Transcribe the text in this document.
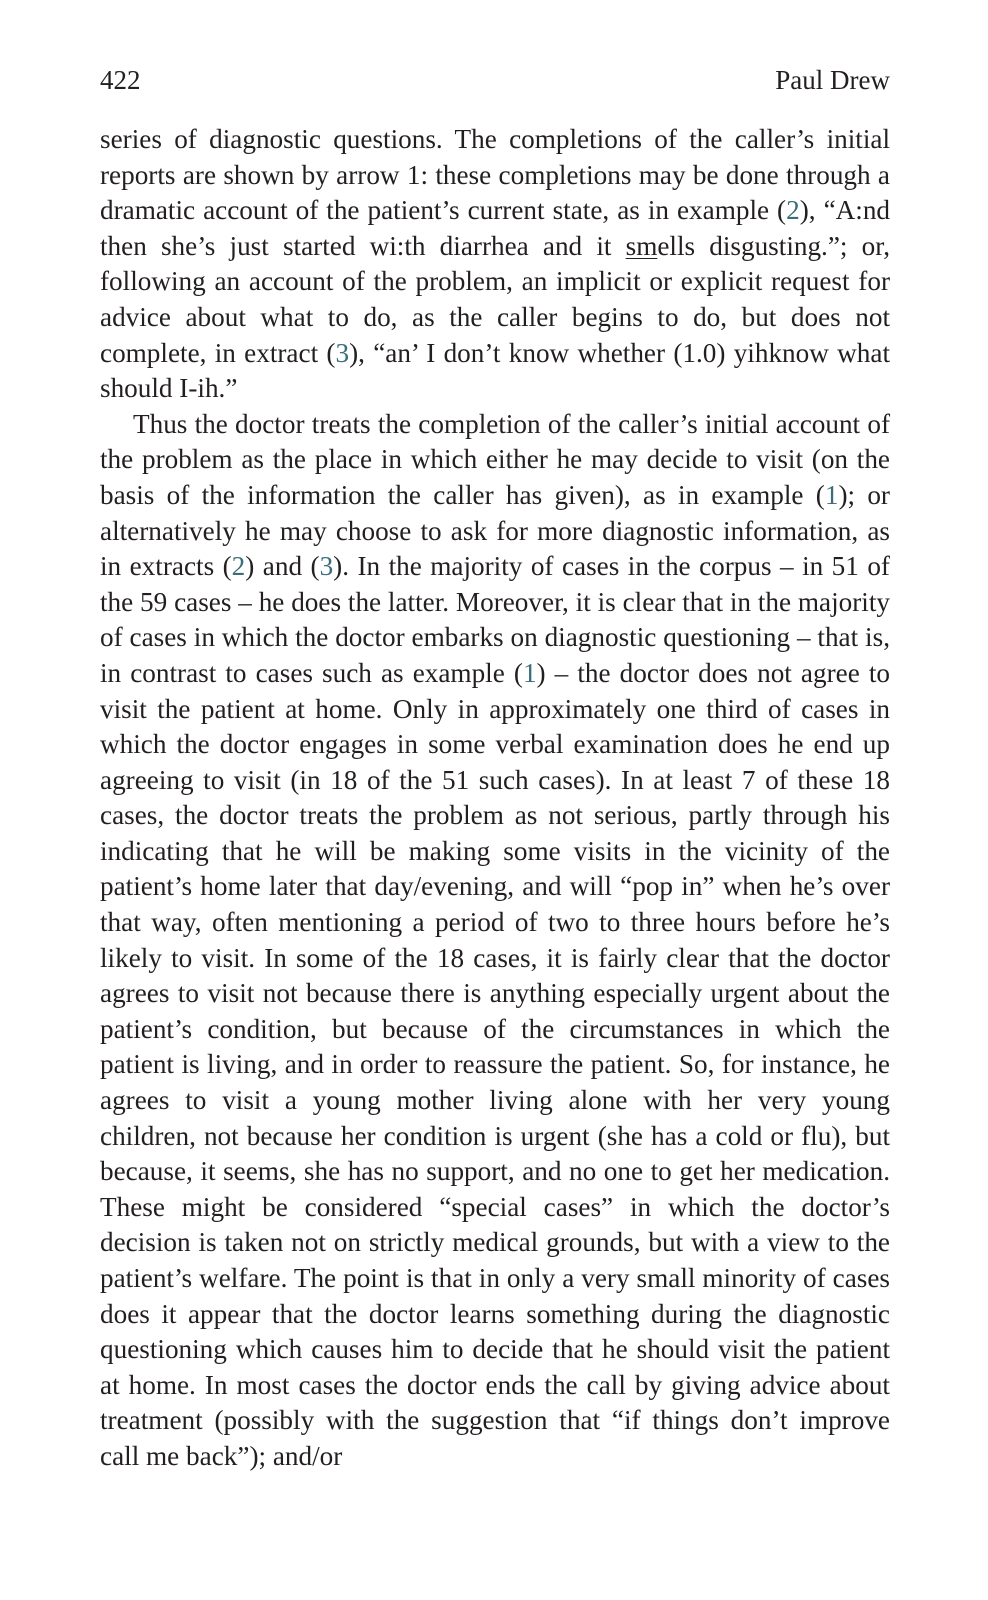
422	Paul Drew

series of diagnostic questions. The completions of the caller’s initial reports are shown by arrow 1: these completions may be done through a dramatic account of the patient’s current state, as in example (2), “A:nd then she’s just started wi:th diarrhea and it smells disgusting.”; or, following an account of the problem, an implicit or explicit request for advice about what to do, as the caller begins to do, but does not complete, in extract (3), “an’ I don’t know whether (1.0) yihknow what should I-ih.”

Thus the doctor treats the completion of the caller’s initial account of the problem as the place in which either he may decide to visit (on the basis of the information the caller has given), as in example (1); or alternatively he may choose to ask for more diagnostic information, as in extracts (2) and (3). In the majority of cases in the corpus – in 51 of the 59 cases – he does the latter. Moreover, it is clear that in the majority of cases in which the doctor embarks on diagnostic questioning – that is, in contrast to cases such as example (1) – the doctor does not agree to visit the patient at home. Only in approximately one third of cases in which the doctor engages in some verbal examination does he end up agreeing to visit (in 18 of the 51 such cases). In at least 7 of these 18 cases, the doctor treats the problem as not serious, partly through his indicating that he will be making some visits in the vicinity of the patient’s home later that day/evening, and will “pop in” when he’s over that way, often mentioning a period of two to three hours before he’s likely to visit. In some of the 18 cases, it is fairly clear that the doctor agrees to visit not because there is anything especially urgent about the patient’s condition, but because of the circumstances in which the patient is living, and in order to reassure the patient. So, for instance, he agrees to visit a young mother living alone with her very young children, not because her condition is urgent (she has a cold or flu), but because, it seems, she has no support, and no one to get her medication. These might be considered “special cases” in which the doctor’s decision is taken not on strictly medical grounds, but with a view to the patient’s welfare. The point is that in only a very small minority of cases does it appear that the doctor learns something during the diagnostic questioning which causes him to decide that he should visit the patient at home. In most cases the doctor ends the call by giving advice about treatment (possibly with the suggestion that “if things don’t improve call me back”); and/or
